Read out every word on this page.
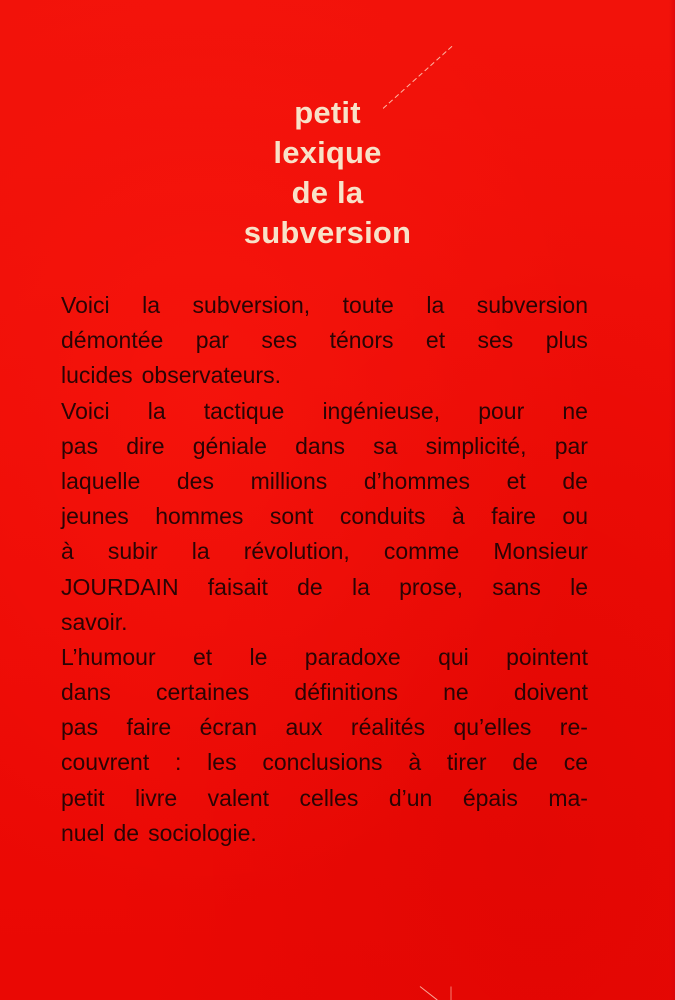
petit
lexique
de la
subversion
Voici la subversion, toute la subversion
démontée par ses ténors et ses plus
lucides observateurs.
Voici la tactique ingénieuse, pour ne
pas dire géniale dans sa simplicité, par
laquelle des millions d’hommes et de
jeunes hommes sont conduits à faire ou
à subir la révolution, comme Monsieur
JOURDAIN faisait de la prose, sans le
savoir.
L’humour et le paradoxe qui pointent
dans certaines définitions ne doivent
pas faire écran aux réalités qu’elles re-
couvrent : les conclusions à tirer de ce
petit livre valent celles d’un épais ma-
nuel de sociologie.
